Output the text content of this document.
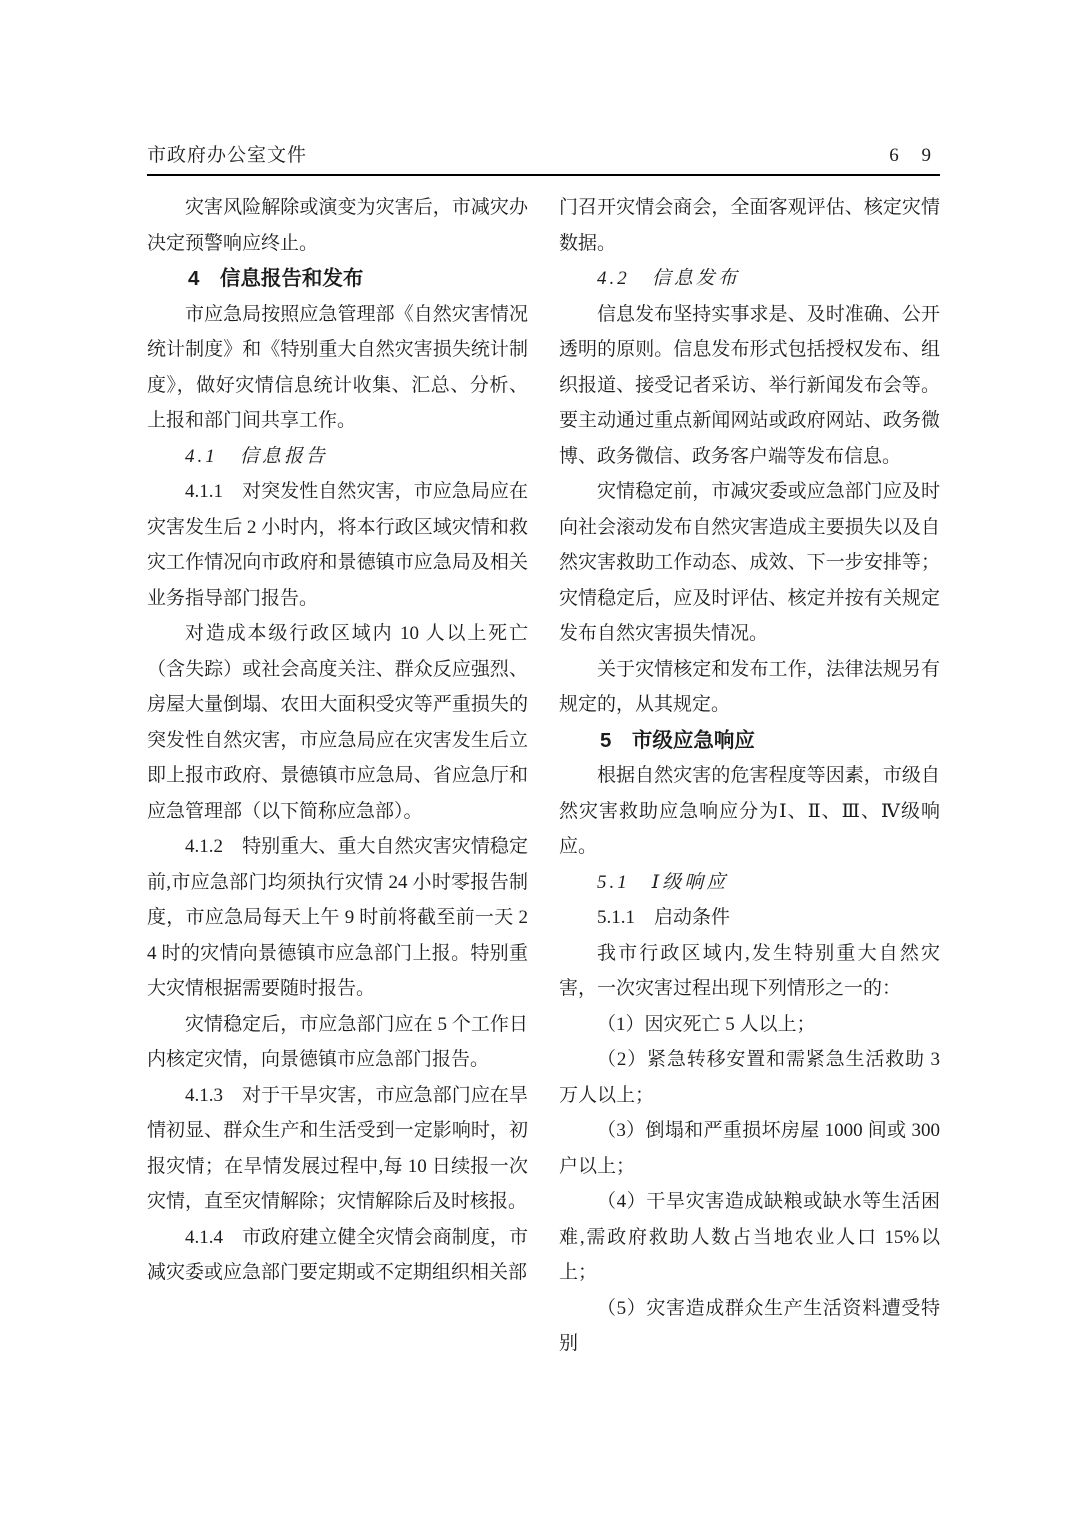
市政府办公室文件	6 9

灾害风险解除或演变为灾害后，市减灾办决定预警响应终止。

4　信息报告和发布

市应急局按照应急管理部《自然灾害情况统计制度》和《特别重大自然灾害损失统计制度》，做好灾情信息统计收集、汇总、分析、上报和部门间共享工作。

4.1　信息报告

4.1.1　对突发性自然灾害，市应急局应在灾害发生后 2 小时内，将本行政区域灾情和救灾工作情况向市政府和景德镇市应急局及相关业务指导部门报告。

对造成本级行政区域内 10 人以上死亡（含失踪）或社会高度关注、群众反应强烈、房屋大量倒塌、农田大面积受灾等严重损失的突发性自然灾害，市应急局应在灾害发生后立即上报市政府、景德镇市应急局、省应急厅和应急管理部（以下简称应急部）。

4.1.2　特别重大、重大自然灾害灾情稳定前,市应急部门均须执行灾情 24 小时零报告制度，市应急局每天上午 9 时前将截至前一天 24 时的灾情向景德镇市应急部门上报。特别重大灾情根据需要随时报告。

灾情稳定后，市应急部门应在 5 个工作日内核定灾情，向景德镇市应急部门报告。

4.1.3　对于干旱灾害，市应急部门应在旱情初显、群众生产和生活受到一定影响时，初报灾情；在旱情发展过程中,每 10 日续报一次灾情，直至灾情解除；灾情解除后及时核报。

4.1.4　市政府建立健全灾情会商制度，市减灾委或应急部门要定期或不定期组织相关部

门召开灾情会商会，全面客观评估、核定灾情数据。

4.2　信息发布

信息发布坚持实事求是、及时准确、公开透明的原则。信息发布形式包括授权发布、组织报道、接受记者采访、举行新闻发布会等。要主动通过重点新闻网站或政府网站、政务微博、政务微信、政务客户端等发布信息。

灾情稳定前，市减灾委或应急部门应及时向社会滚动发布自然灾害造成主要损失以及自然灾害救助工作动态、成效、下一步安排等；灾情稳定后，应及时评估、核定并按有关规定发布自然灾害损失情况。

关于灾情核定和发布工作，法律法规另有规定的，从其规定。

5　市级应急响应

根据自然灾害的危害程度等因素，市级自然灾害救助应急响应分为Ⅰ、Ⅱ、Ⅲ、Ⅳ级响应。

5.1　Ⅰ级响应

5.1.1　启动条件

我市行政区域内,发生特别重大自然灾害，一次灾害过程出现下列情形之一的：

（1）因灾死亡 5 人以上；

（2）紧急转移安置和需紧急生活救助 3 万人以上；

（3）倒塌和严重损坏房屋 1000 间或 300 户以上；

（4）干旱灾害造成缺粮或缺水等生活困难,需政府救助人数占当地农业人口 15%以上；

（5）灾害造成群众生产生活资料遭受特别
